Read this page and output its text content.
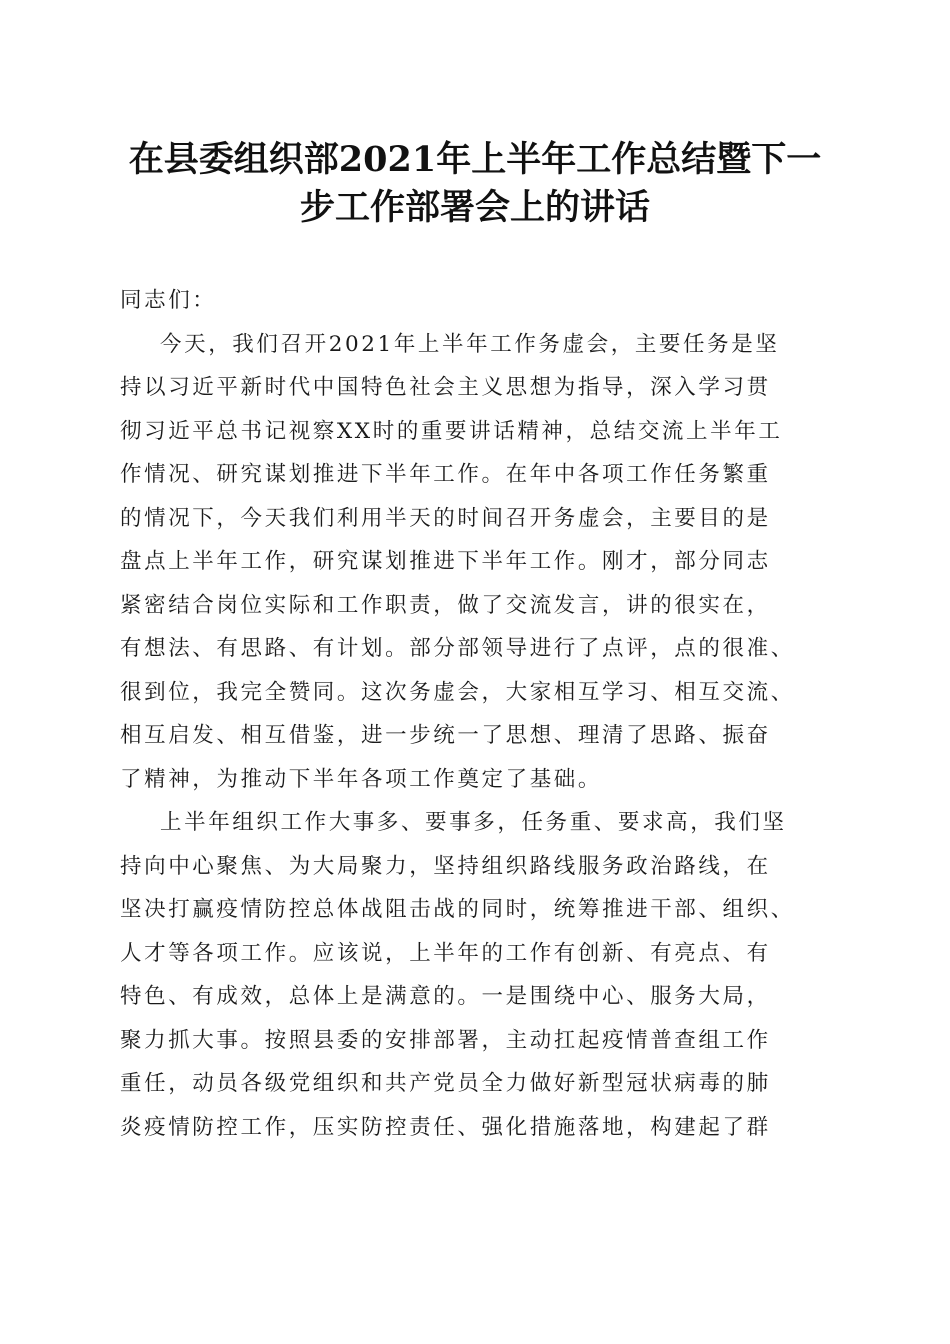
在县委组织部2021年上半年工作总结暨下一
步工作部署会上的讲话
同志们：
今天，我们召开2021年上半年工作务虚会，主要任务是坚
持以习近平新时代中国特色社会主义思想为指导，深入学习贯
彻习近平总书记视察XX时的重要讲话精神，总结交流上半年工
作情况、研究谋划推进下半年工作。在年中各项工作任务繁重
的情况下，今天我们利用半天的时间召开务虚会，主要目的是
盘点上半年工作，研究谋划推进下半年工作。刚才，部分同志
紧密结合岗位实际和工作职责，做了交流发言，讲的很实在，
有想法、有思路、有计划。部分部领导进行了点评，点的很准、
很到位，我完全赞同。这次务虚会，大家相互学习、相互交流、
相互启发、相互借鉴，进一步统一了思想、理清了思路、振奋
了精神，为推动下半年各项工作奠定了基础。
上半年组织工作大事多、要事多，任务重、要求高，我们坚
持向中心聚焦、为大局聚力，坚持组织路线服务政治路线，在
坚决打赢疫情防控总体战阻击战的同时，统筹推进干部、组织、
人才等各项工作。应该说，上半年的工作有创新、有亮点、有
特色、有成效，总体上是满意的。一是围绕中心、服务大局，
聚力抓大事。按照县委的安排部署，主动扛起疫情普查组工作
重任，动员各级党组织和共产党员全力做好新型冠状病毒的肺
炎疫情防控工作，压实防控责任、强化措施落地，构建起了群
